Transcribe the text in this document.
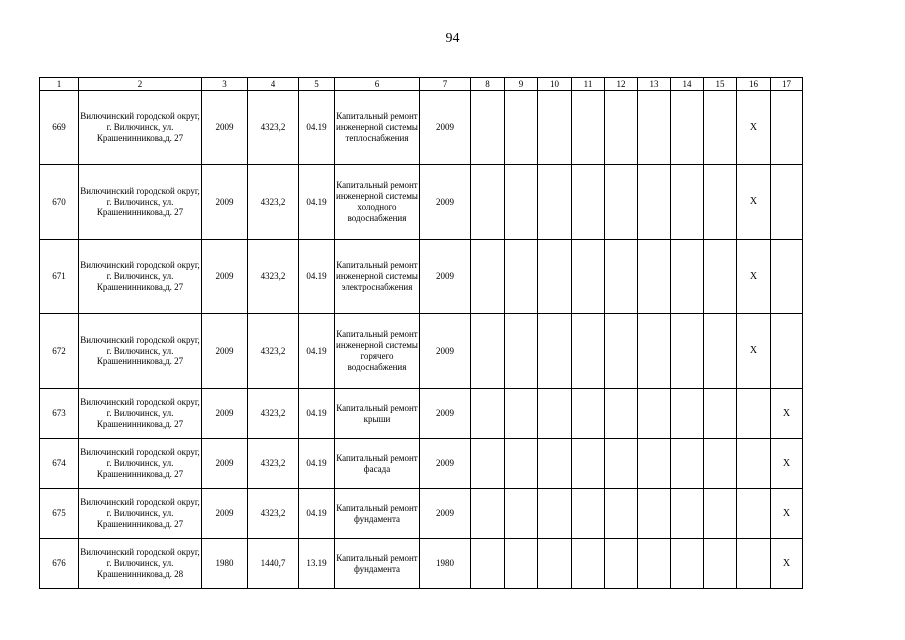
94
1	2	3	4	5	6	7	8	9	10	11	12	13	14	15	16	17
669	Вилючинский городской округ, г. Вилючинск, ул. Крашенинникова,д. 27	2009	4323,2	04.19	Капитальный ремонт инженерной системы теплоснабжения	2009									Х	
670	Вилючинский городской округ, г. Вилючинск, ул. Крашенинникова,д. 27	2009	4323,2	04.19	Капитальный ремонт инженерной системы холодного водоснабжения	2009									Х	
671	Вилючинский городской округ, г. Вилючинск, ул. Крашенинникова,д. 27	2009	4323,2	04.19	Капитальный ремонт инженерной системы электроснабжения	2009									Х	
672	Вилючинский городской округ, г. Вилючинск, ул. Крашенинникова,д. 27	2009	4323,2	04.19	Капитальный ремонт инженерной системы горячего водоснабжения	2009									Х	
673	Вилючинский городской округ, г. Вилючинск, ул. Крашенинникова,д. 27	2009	4323,2	04.19	Капитальный ремонт крыши	2009										Х
674	Вилючинский городской округ, г. Вилючинск, ул. Крашенинникова,д. 27	2009	4323,2	04.19	Капитальный ремонт фасада	2009										Х
675	Вилючинский городской округ, г. Вилючинск, ул. Крашенинникова,д. 27	2009	4323,2	04.19	Капитальный ремонт фундамента	2009										Х
676	Вилючинский городской округ, г. Вилючинск, ул. Крашенинникова,д. 28	1980	1440,7	13.19	Капитальный ремонт фундамента	1980										Х
